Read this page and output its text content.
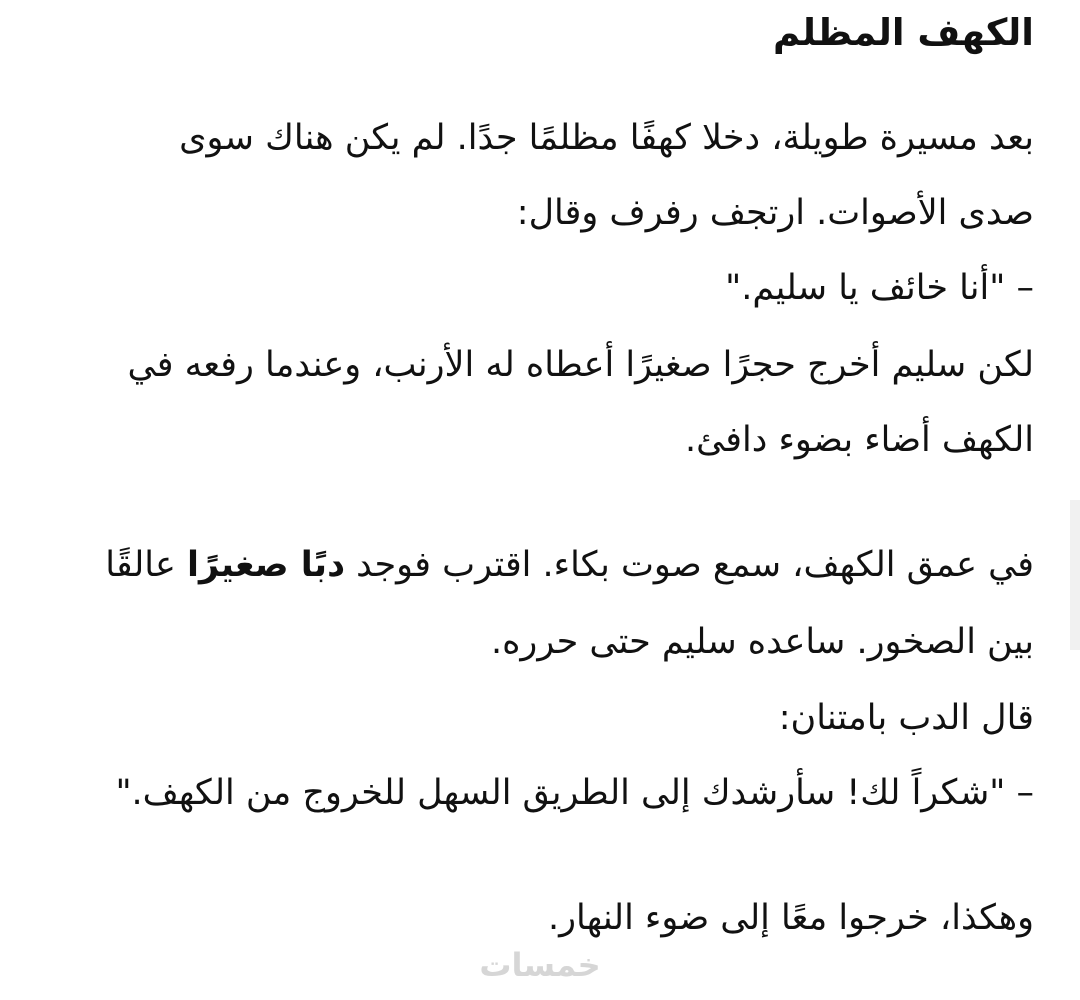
الكهف المظلم
بعد مسيرة طويلة، دخلا كهفًا مظلمًا جدًا. لم يكن هناك سوى
صدى الأصوات. ارتجف رفرف وقال:
– "أنا خائف يا سليم."
لكن سليم أخرج حجرًا صغيرًا أعطاه له الأرنب، وعندما رفعه في
الكهف أضاء بضوء دافئ.
في عمق الكهف، سمع صوت بكاء. اقترب فوجد دبًا صغيرًا عالقًا
بين الصخور. ساعده سليم حتى حرره.
قال الدب بامتنان:
– "شكراً لك! سأرشدك إلى الطريق السهل للخروج من الكهف."
وهكذا، خرجوا معًا إلى ضوء النهار.
خمسات
